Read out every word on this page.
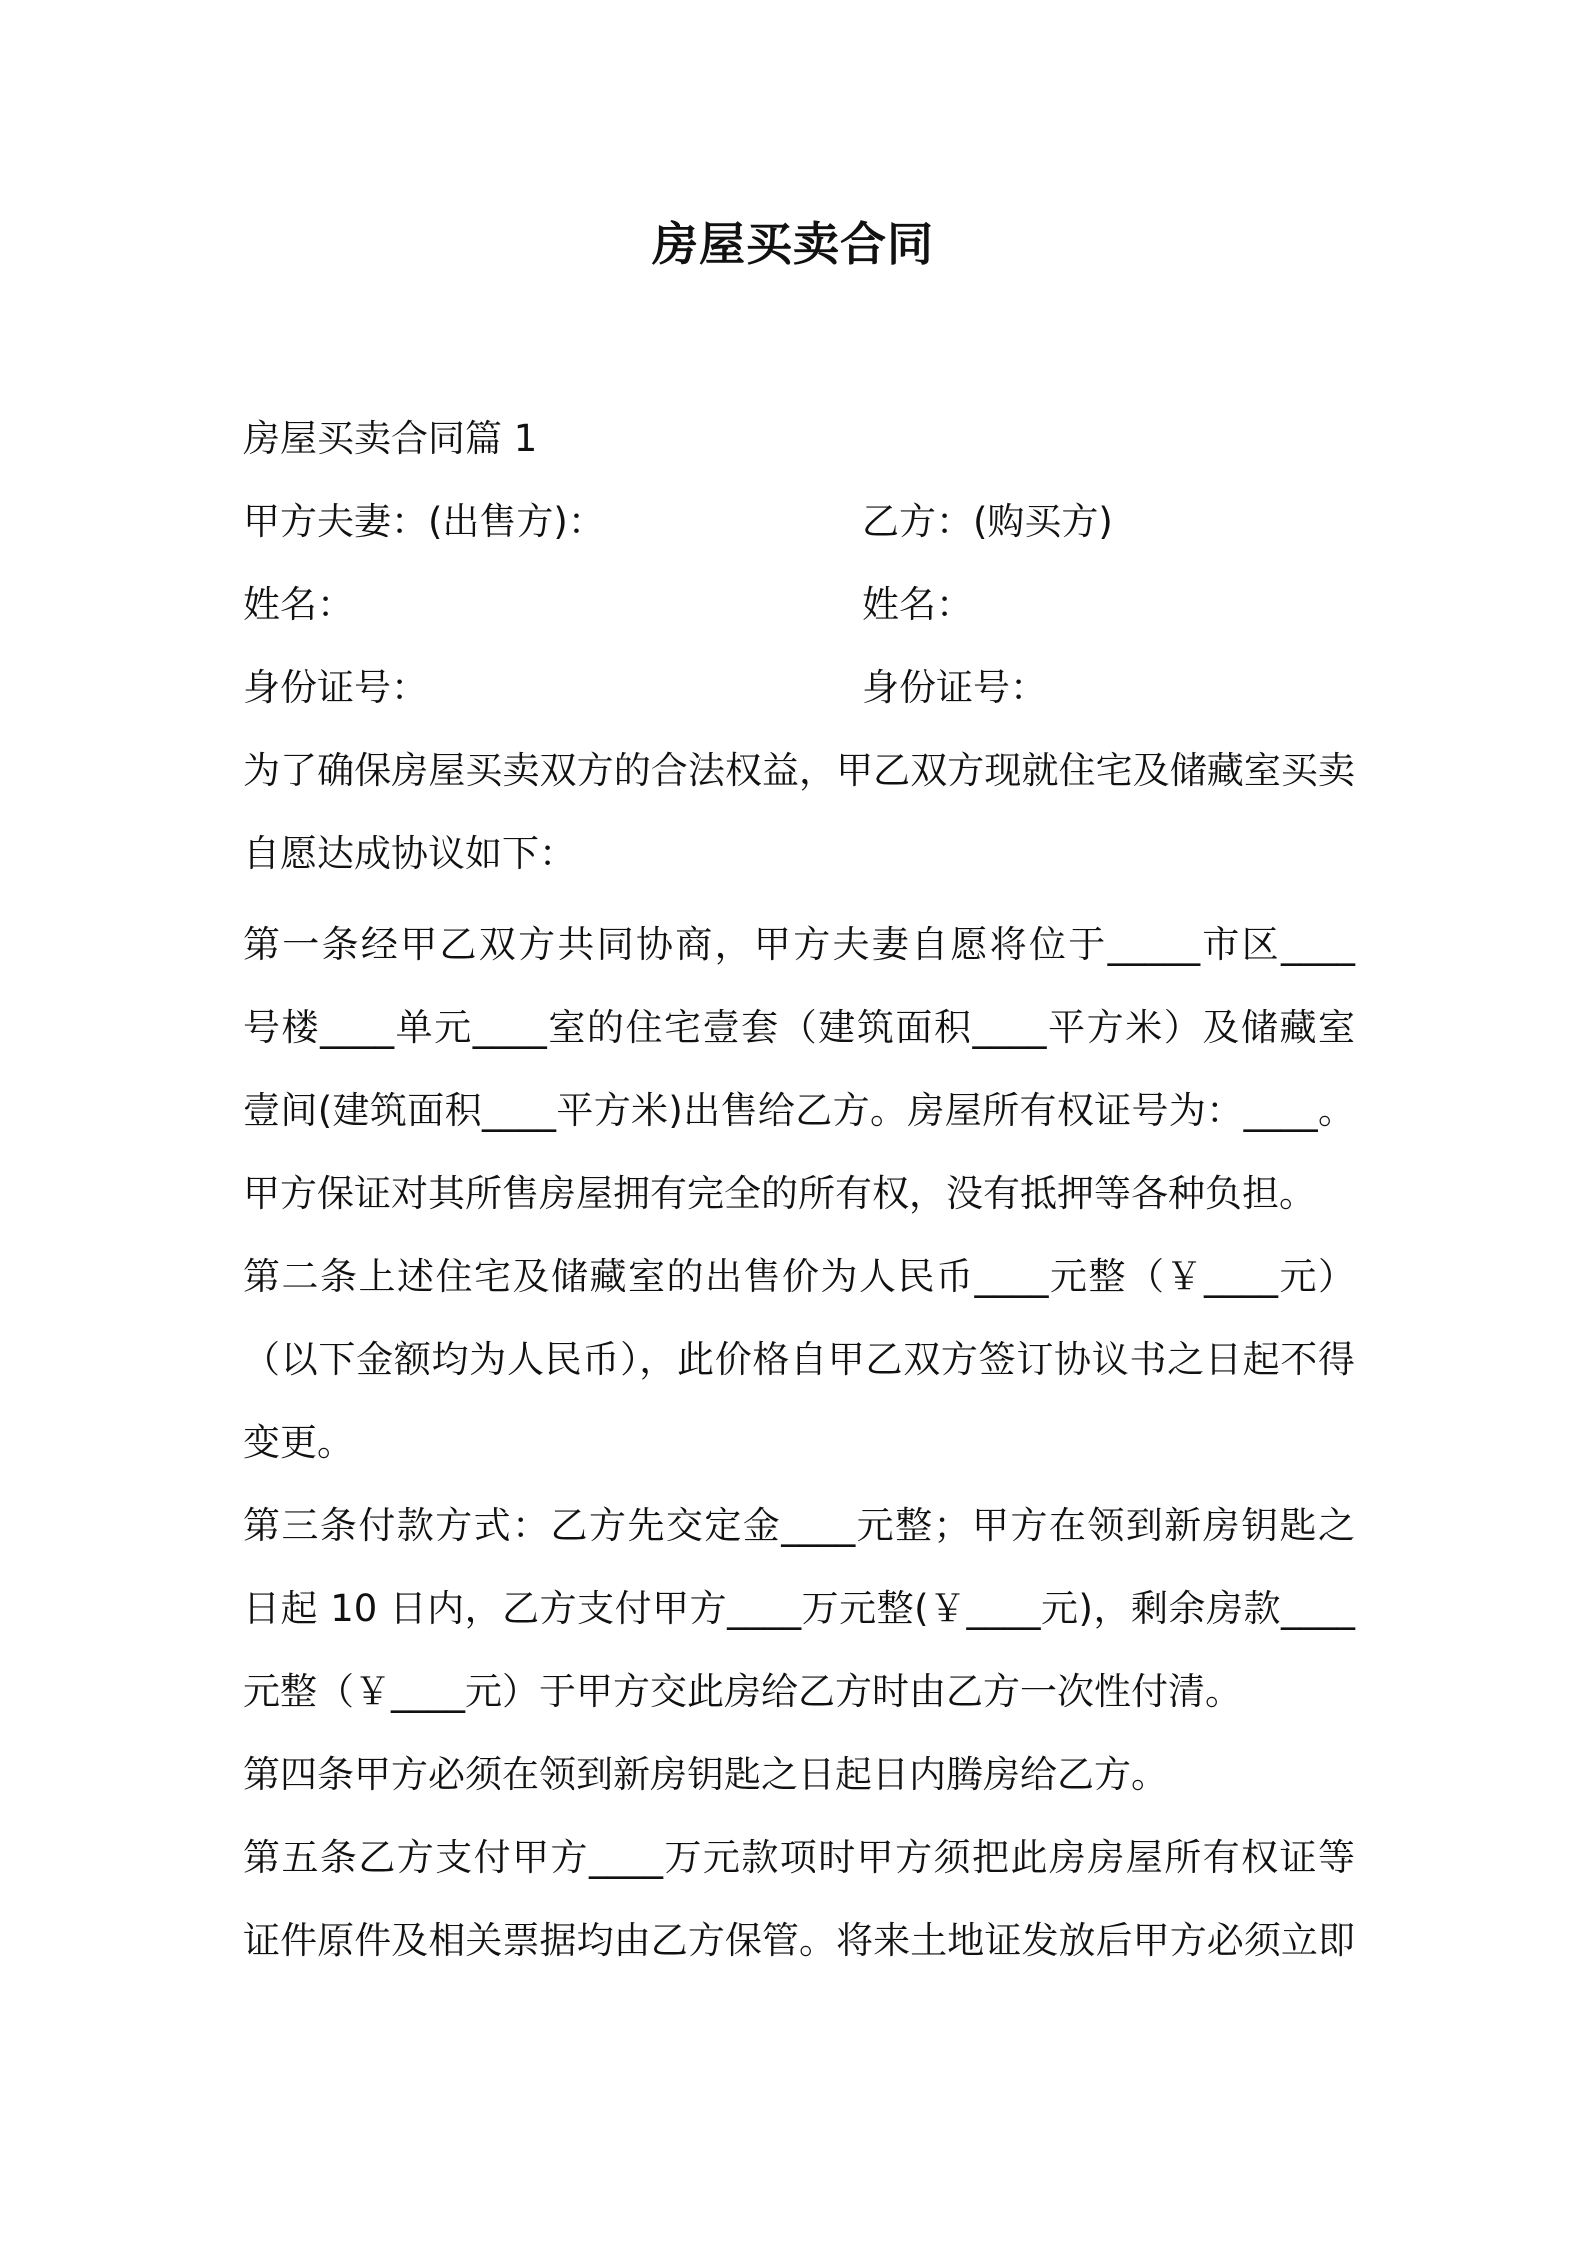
房屋买卖合同
房屋买卖合同篇 1
甲方夫妻：(出售方)：	乙方：(购买方)
姓名：	姓名：
身份证号：	身份证号：
为了确保房屋买卖双方的合法权益，甲乙双方现就住宅及储藏室买卖
自愿达成协议如下：
第一条经甲乙双方共同协商，甲方夫妻自愿将位于_____市区____
号楼____单元____室的住宅壹套（建筑面积____平方米）及储藏室
壹间(建筑面积____平方米)出售给乙方。房屋所有权证号为：____。
甲方保证对其所售房屋拥有完全的所有权，没有抵押等各种负担。
第二条上述住宅及储藏室的出售价为人民币____元整（￥____元）
（以下金额均为人民币），此价格自甲乙双方签订协议书之日起不得
变更。
第三条付款方式：乙方先交定金____元整；甲方在领到新房钥匙之
日起 10 日内，乙方支付甲方____万元整(￥____元)，剩余房款____
元整（￥____元）于甲方交此房给乙方时由乙方一次性付清。
第四条甲方必须在领到新房钥匙之日起日内腾房给乙方。
第五条乙方支付甲方____万元款项时甲方须把此房房屋所有权证等
证件原件及相关票据均由乙方保管。将来土地证发放后甲方必须立即
